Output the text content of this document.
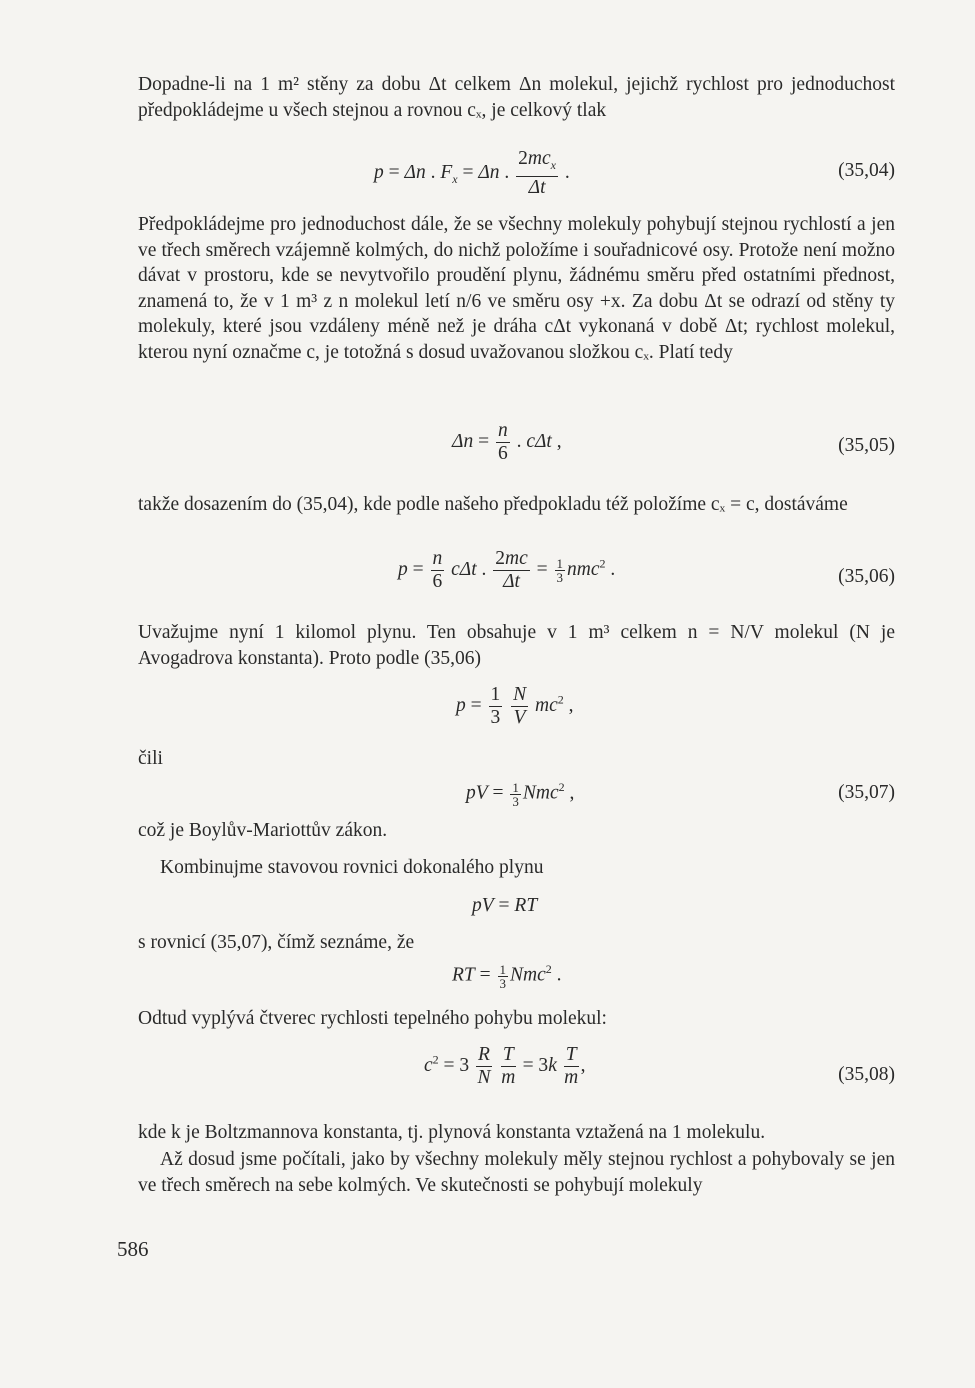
Dopadne-li na 1 m² stěny za dobu Δt celkem Δn molekul, jejichž rychlost pro jednoduchost předpokládejme u všech stejnou a rovnou cₓ, je celkový tlak

p = Δn . $F_x = \Delta n$ . $\frac{2mc_x}{\Delta t}$ .	(35,04)

Předpokládejme pro jednoduchost dále, že se všechny molekuly pohybují stejnou rychlostí a jen ve třech směrech vzájemně kolmých, do nichž položíme i souřadnicové osy. Protože není možno dávat v prostoru, kde se nevytvořilo proudění plynu, žádnému směru před ostatními přednost, znamená to, že v 1 m³ z n molekul letí n/6 ve směru osy +x. Za dobu Δt se odrazí od stěny ty molekuly, které jsou vzdáleny méně než je dráha cΔt vykonaná v době Δt; rychlost molekul, kterou nyní označme c, je totožná s dosud uvažovanou složkou cₓ. Platí tedy

$\Delta n = \frac{n}{6}$ . cΔt ,	(35,05)

takže dosazením do (35,04), kde podle našeho předpokladu též položíme cₓ = c, dostáváme

$p = \frac{n}{6}$ cΔt . $\frac{2mc}{\Delta t} = \frac{1}{3} nmc^2$ .	(35,06)

Uvažujme nyní 1 kilomol plynu. Ten obsahuje v 1 m³ celkem n = N/V molekul (N je Avogadrova konstanta). Proto podle (35,06)

$p = \frac{1}{3}$
$\frac{N}{V} mc^2$ ,

čili

pV = $\frac{1}{3} Nmc^2$ ,	(35,07)

což je Boylův-Mariottův zákon.

Kombinujme stavovou rovnici dokonalého plynu

pV = RT

s rovnicí (35,07), čímž seznáme, že

RT = $\frac{1}{3} Nmc^2$ .

Odtud vyplývá čtverec rychlosti tepelného pohybu molekul:

$c^2 = 3 \frac{R}{N}$
$\frac{T}{m} = 3k \frac{T}{m}$ ,	(35,08)

kde k je Boltzmannova konstanta, tj. plynová konstanta vztažená na 1 molekulu.

Až dosud jsme počítali, jako by všechny molekuly měly stejnou rychlost a pohybovaly se jen ve třech směrech na sebe kolmých. Ve skutečnosti se pohybují molekuly

586
